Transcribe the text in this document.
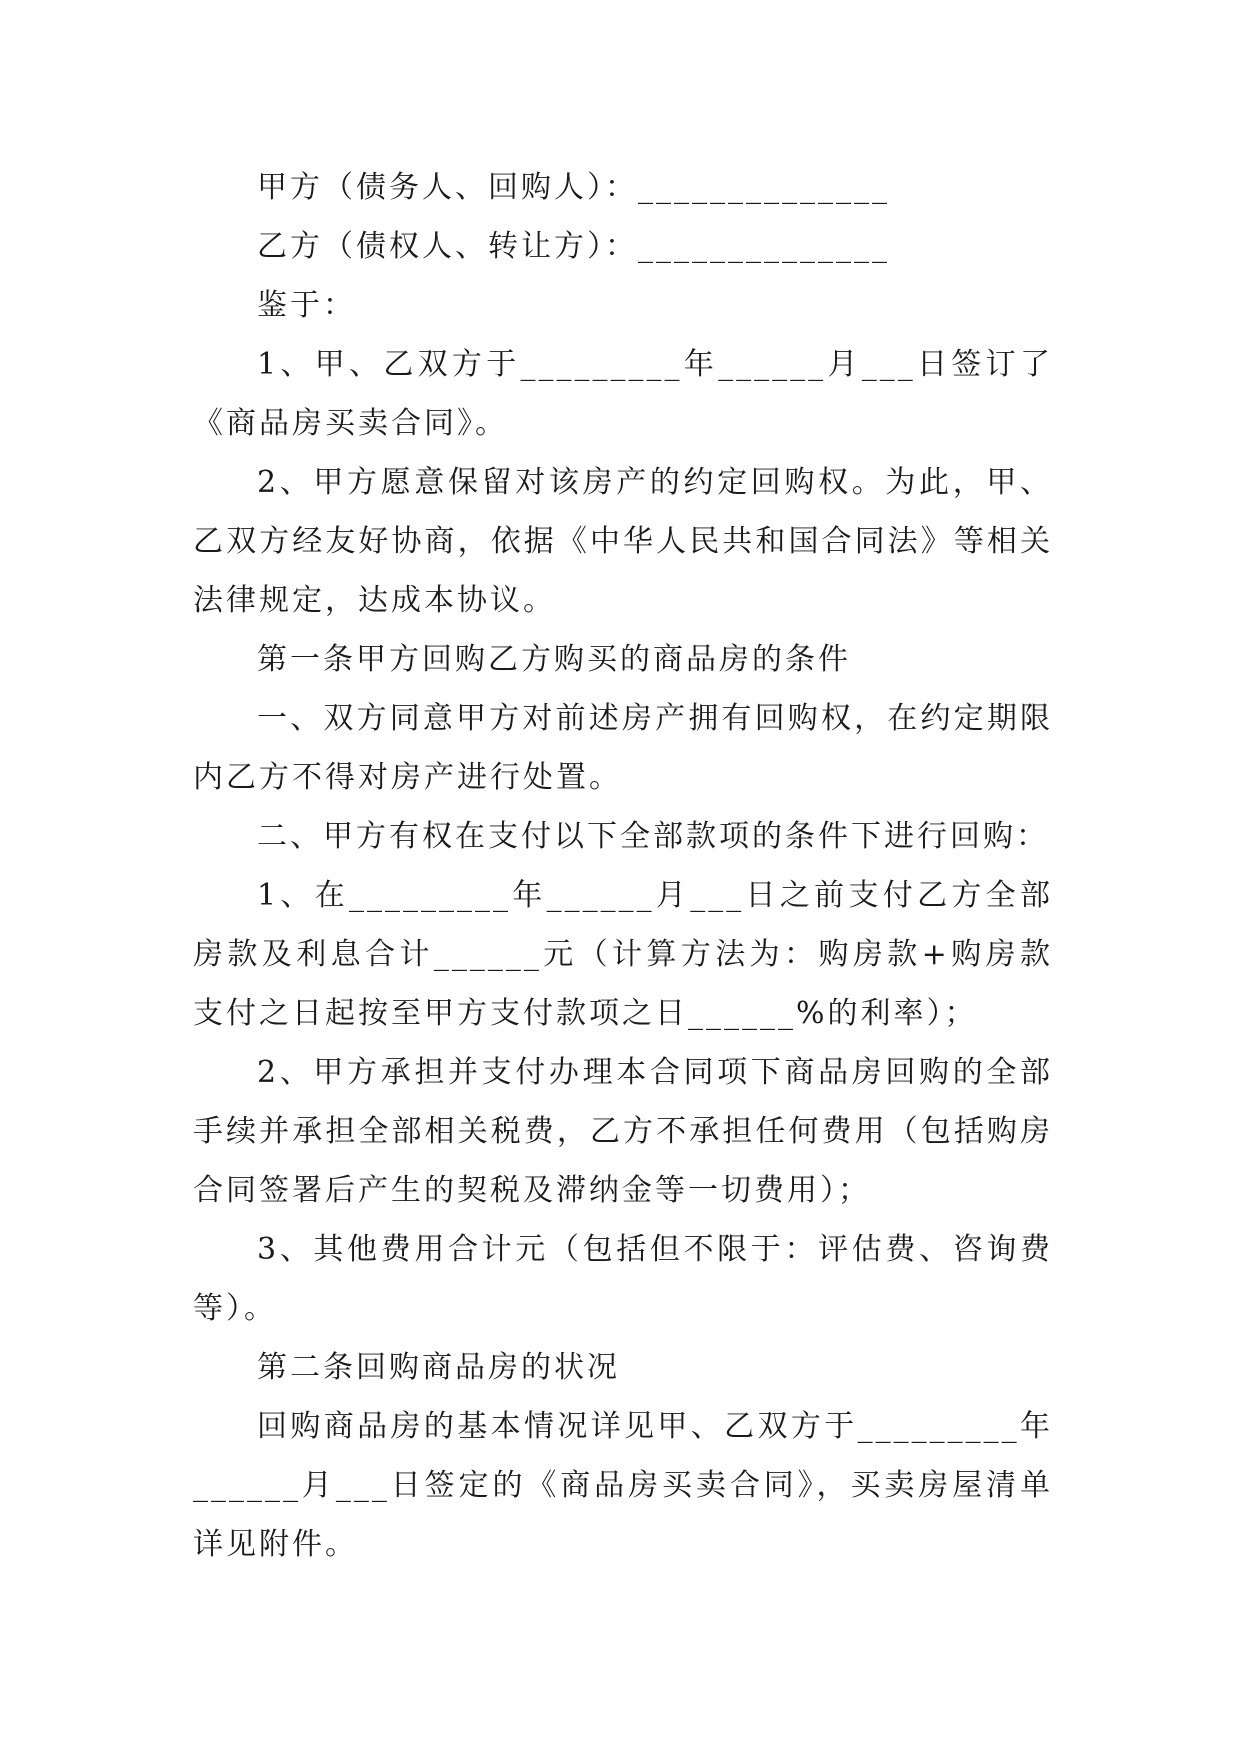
甲方（债务人、回购人）：______________

乙方（债权人、转让方）：______________

鉴于：

1、甲、乙双方于_________年______月___日签订了《商品房买卖合同》。

2、甲方愿意保留对该房产的约定回购权。为此，甲、乙双方经友好协商，依据《中华人民共和国合同法》等相关法律规定，达成本协议。

第一条甲方回购乙方购买的商品房的条件

一、双方同意甲方对前述房产拥有回购权，在约定期限内乙方不得对房产进行处置。

二、甲方有权在支付以下全部款项的条件下进行回购：

1、在_________年______月___日之前支付乙方全部房款及利息合计______元（计算方法为：购房款+购房款支付之日起按至甲方支付款项之日______%的利率）；

2、甲方承担并支付办理本合同项下商品房回购的全部手续并承担全部相关税费，乙方不承担任何费用（包括购房合同签署后产生的契税及滞纳金等一切费用）；

3、其他费用合计元（包括但不限于：评估费、咨询费等）。

第二条回购商品房的状况

回购商品房的基本情况详见甲、乙双方于_________年______月___日签定的《商品房买卖合同》，买卖房屋清单详见附件。
